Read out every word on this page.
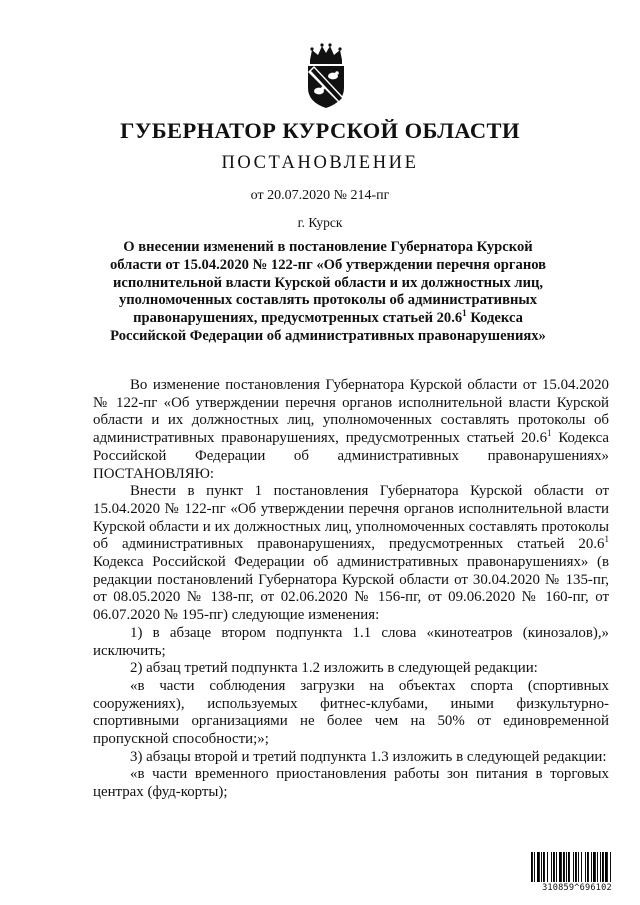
ГУБЕРНАТОР КУРСКОЙ ОБЛАСТИ
ПОСТАНОВЛЕНИЕ
от 20.07.2020 № 214-пг
г. Курск
О внесении изменений в постановление Губернатора Курской области от 15.04.2020 № 122-пг «Об утверждении перечня органов исполнительной власти Курской области и их должностных лиц, уполномоченных составлять протоколы об административных правонарушениях, предусмотренных статьей 20.6$^1$ Кодекса Российской Федерации об административных правонарушениях»

Во изменение постановления Губернатора Курской области от 15.04.2020 № 122-пг «Об утверждении перечня органов исполнительной власти Курской области и их должностных лиц, уполномоченных составлять протоколы об административных правонарушениях, предусмотренных статьей 20.6$^1$ Кодекса Российской Федерации об административных правонарушениях» ПОСТАНОВЛЯЮ:

Внести в пункт 1 постановления Губернатора Курской области от 15.04.2020 № 122-пг «Об утверждении перечня органов исполнительной власти Курской области и их должностных лиц, уполномоченных составлять протоколы об административных правонарушениях, предусмотренных статьей 20.6$^1$ Кодекса Российской Федерации об административных правонарушениях» (в редакции постановлений Губернатора Курской области от 30.04.2020 № 135-пг, от 08.05.2020 № 138-пг, от 02.06.2020 № 156-пг, от 09.06.2020 № 160-пг, от 06.07.2020 № 195-пг) следующие изменения:

1) в абзаце втором подпункта 1.1 слова «кинотеатров (кинозалов),» исключить;

2) абзац третий подпункта 1.2 изложить в следующей редакции:

«в части соблюдения загрузки на объектах спорта (спортивных сооружениях), используемых фитнес-клубами, иными физкультурно-спортивными организациями не более чем на 50% от единовременной пропускной способности;»;

3) абзацы второй и третий подпункта 1.3 изложить в следующей редакции:

«в части временного приостановления работы зон питания в торговых центрах (фуд-корты);

310859^696102
